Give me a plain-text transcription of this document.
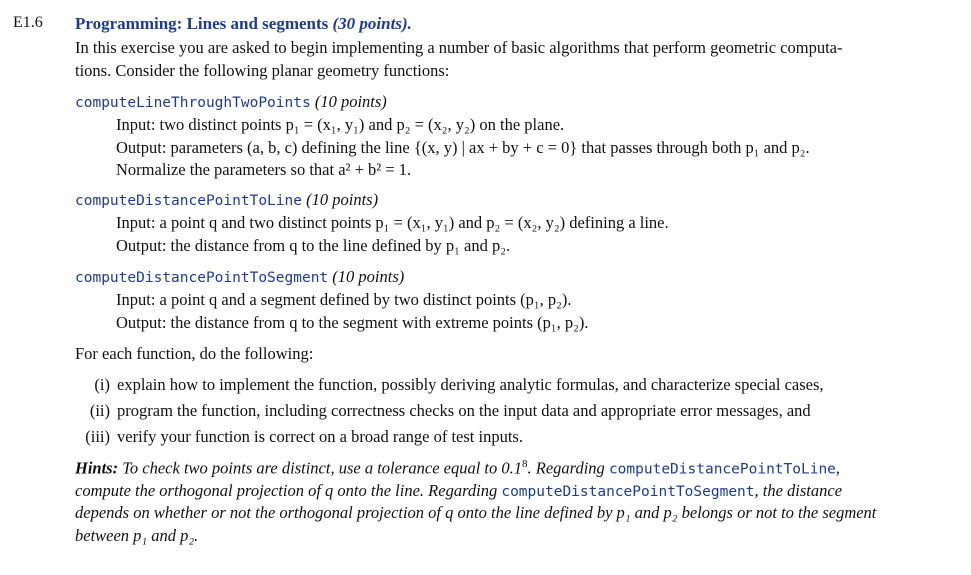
E1.6 Programming: Lines and segments (30 points).
In this exercise you are asked to begin implementing a number of basic algorithms that perform geometric computa-
tions. Consider the following planar geometry functions:
computeLineThroughTwoPoints (10 points)
Input: two distinct points p₁ = (x₁, y₁) and p₂ = (x₂, y₂) on the plane.
Output: parameters (a, b, c) defining the line {(x, y) | ax + by + c = 0} that passes through both p₁ and p₂.
Normalize the parameters so that a² + b² = 1.
computeDistancePointToLine (10 points)
Input: a point q and two distinct points p₁ = (x₁, y₁) and p₂ = (x₂, y₂) defining a line.
Output: the distance from q to the line defined by p₁ and p₂.
computeDistancePointToSegment (10 points)
Input: a point q and a segment defined by two distinct points (p₁, p₂).
Output: the distance from q to the segment with extreme points (p₁, p₂).
For each function, do the following:
(i) explain how to implement the function, possibly deriving analytic formulas, and characterize special cases,
(ii) program the function, including correctness checks on the input data and appropriate error messages, and
(iii) verify your function is correct on a broad range of test inputs.
Hints: To check two points are distinct, use a tolerance equal to $0.1^8$. Regarding computeDistancePointToLine,
compute the orthogonal projection of q onto the line. Regarding computeDistancePointToSegment, the distance
depends on whether or not the orthogonal projection of q onto the line defined by p₁ and p₂ belongs or not to the segment
between p₁ and p₂.
